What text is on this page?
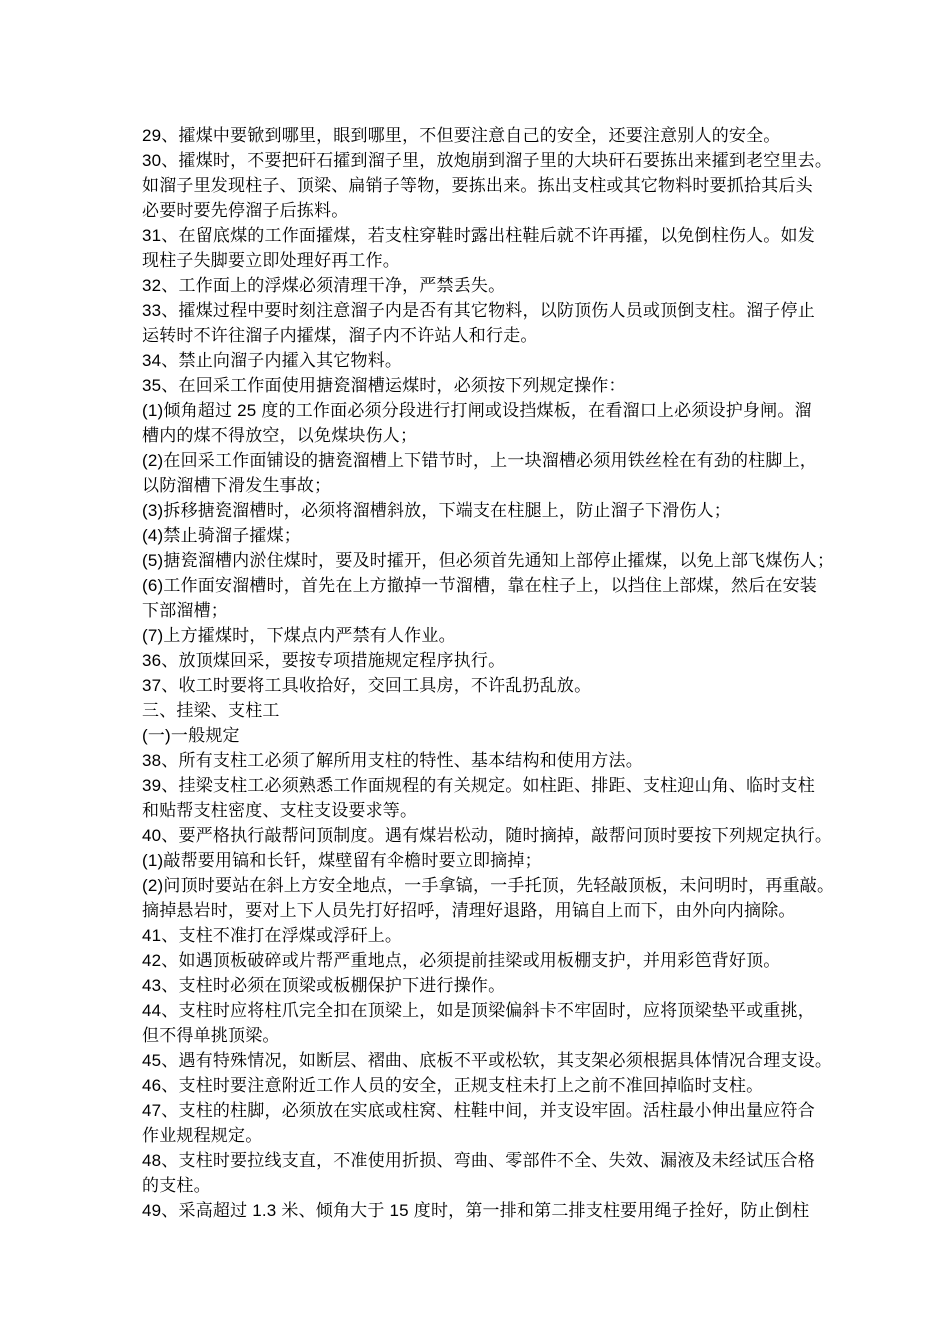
29、攉煤中要锨到哪里，眼到哪里，不但要注意自己的安全，还要注意别人的安全。
30、攉煤时，不要把矸石攉到溜子里，放炮崩到溜子里的大块矸石要拣出来攉到老空里去。
如溜子里发现柱子、顶梁、扁销子等物，要拣出来。拣出支柱或其它物料时要抓拾其后头
必要时要先停溜子后拣料。
31、在留底煤的工作面攉煤，若支柱穿鞋时露出柱鞋后就不许再攉，以免倒柱伤人。如发
现柱子失脚要立即处理好再工作。
32、工作面上的浮煤必须清理干净，严禁丢失。
33、攉煤过程中要时刻注意溜子内是否有其它物料，以防顶伤人员或顶倒支柱。溜子停止
运转时不许往溜子内攉煤，溜子内不许站人和行走。
34、禁止向溜子内攉入其它物料。
35、在回采工作面使用搪瓷溜槽运煤时，必须按下列规定操作：
(1)倾角超过 25 度的工作面必须分段进行打闸或设挡煤板，在看溜口上必须设护身闸。溜
槽内的煤不得放空，以免煤块伤人；
(2)在回采工作面铺设的搪瓷溜槽上下错节时，上一块溜槽必须用铁丝栓在有劲的柱脚上，
以防溜槽下滑发生事故；
(3)拆移搪瓷溜槽时，必须将溜槽斜放，下端支在柱腿上，防止溜子下滑伤人；
(4)禁止骑溜子攉煤；
(5)搪瓷溜槽内淤住煤时，要及时攉开，但必须首先通知上部停止攉煤，以免上部飞煤伤人；
(6)工作面安溜槽时，首先在上方撤掉一节溜槽，靠在柱子上，以挡住上部煤，然后在安装
下部溜槽；
(7)上方攉煤时，下煤点内严禁有人作业。
36、放顶煤回采，要按专项措施规定程序执行。
37、收工时要将工具收拾好，交回工具房，不许乱扔乱放。
三、挂梁、支柱工
(一)一般规定
38、所有支柱工必须了解所用支柱的特性、基本结构和使用方法。
39、挂梁支柱工必须熟悉工作面规程的有关规定。如柱距、排距、支柱迎山角、临时支柱
和贴帮支柱密度、支柱支设要求等。
40、要严格执行敲帮问顶制度。遇有煤岩松动，随时摘掉，敲帮问顶时要按下列规定执行。
(1)敲帮要用镐和长钎，煤壁留有伞檐时要立即摘掉；
(2)问顶时要站在斜上方安全地点，一手拿镐，一手托顶，先轻敲顶板，未问明时，再重敲。
摘掉悬岩时，要对上下人员先打好招呼，清理好退路，用镐自上而下，由外向内摘除。
41、支柱不准打在浮煤或浮矸上。
42、如遇顶板破碎或片帮严重地点，必须提前挂梁或用板棚支护，并用彩笆背好顶。
43、支柱时必须在顶梁或板棚保护下进行操作。
44、支柱时应将柱爪完全扣在顶梁上，如是顶梁偏斜卡不牢固时，应将顶梁垫平或重挑，
但不得单挑顶梁。
45、遇有特殊情况，如断层、褶曲、底板不平或松软，其支架必须根据具体情况合理支设。
46、支柱时要注意附近工作人员的安全，正规支柱未打上之前不准回掉临时支柱。
47、支柱的柱脚，必须放在实底或柱窝、柱鞋中间，并支设牢固。活柱最小伸出量应符合
作业规程规定。
48、支柱时要拉线支直，不准使用折损、弯曲、零部件不全、失效、漏液及未经试压合格
的支柱。
49、采高超过 1.3 米、倾角大于 15 度时，第一排和第二排支柱要用绳子拴好，防止倒柱
